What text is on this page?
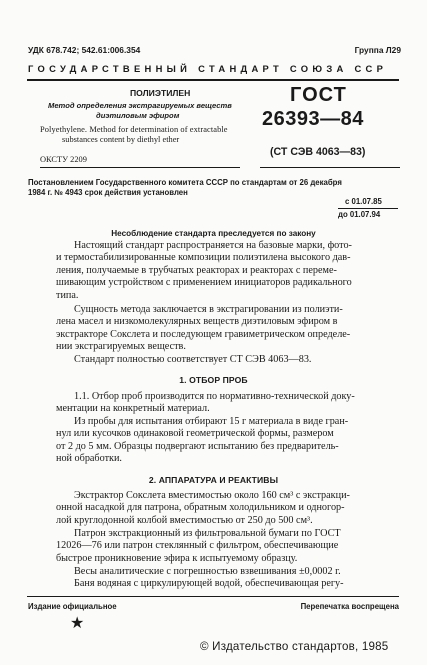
УДК 678.742; 542.61:006.354	Группа Л29
ГОСУДАРСТВЕННЫЙ СТАНДАРТ СОЮЗА ССР
ПОЛИЭТИЛЕН
Метод определения экстрагируемых веществ
диэтиловым эфиром
Polyethylene. Method for determination of extractable
substances content by diethyl ether
ОКСТУ 2209
ГОСТ
26393—84
(СТ СЭВ 4063—83)
Постановлением Государственного комитета СССР по стандартам от 26 декабря
1984 г. № 4943 срок действия установлен
с 01.07.85
до 01.07.94
Несоблюдение стандарта преследуется по закону
Настоящий стандарт распространяется на базовые марки, фото-
и термостабилизированные композиции полиэтилена высокого дав-
ления, получаемые в трубчатых реакторах и реакторах с переме-
шивающим устройством с применением инициаторов радикального
типа.
Сущность метода заключается в экстрагировании из полиэти-
лена масел и низкомолекулярных веществ диэтиловым эфиром в
экстракторе Сокслета и последующем гравиметрическом определе-
нии экстрагируемых веществ.
Стандарт полностью соответствует СТ СЭВ 4063—83.
1. ОТБОР ПРОБ
1.1. Отбор проб производится по нормативно-технической доку-
ментации на конкретный материал.
Из пробы для испытания отбирают 15 г материала в виде гран-
нул или кусочков одинаковой геометрической формы, размером
от 2 до 5 мм. Образцы подвергают испытанию без предваритель-
ной обработки.
2. АППАРАТУРА И РЕАКТИВЫ
Экстрактор Сокслета вместимостью около 160 см³ с экстракци-
онной насадкой для патрона, обратным холодильником и одногор-
лой круглодонной колбой вместимостью от 250 до 500 см³.
Патрон экстракционный из фильтровальной бумаги по ГОСТ
12026—76 или патрон стеклянный с фильтром, обеспечивающие
быстрое проникновение эфира к испытуемому образцу.
Весы аналитические с погрешностью взвешивания ±0,0002 г.
Баня водяная с циркулирующей водой, обеспечивающая регу-
Издание официальное	Перепечатка воспрещена
★
© Издательство стандартов, 1985
